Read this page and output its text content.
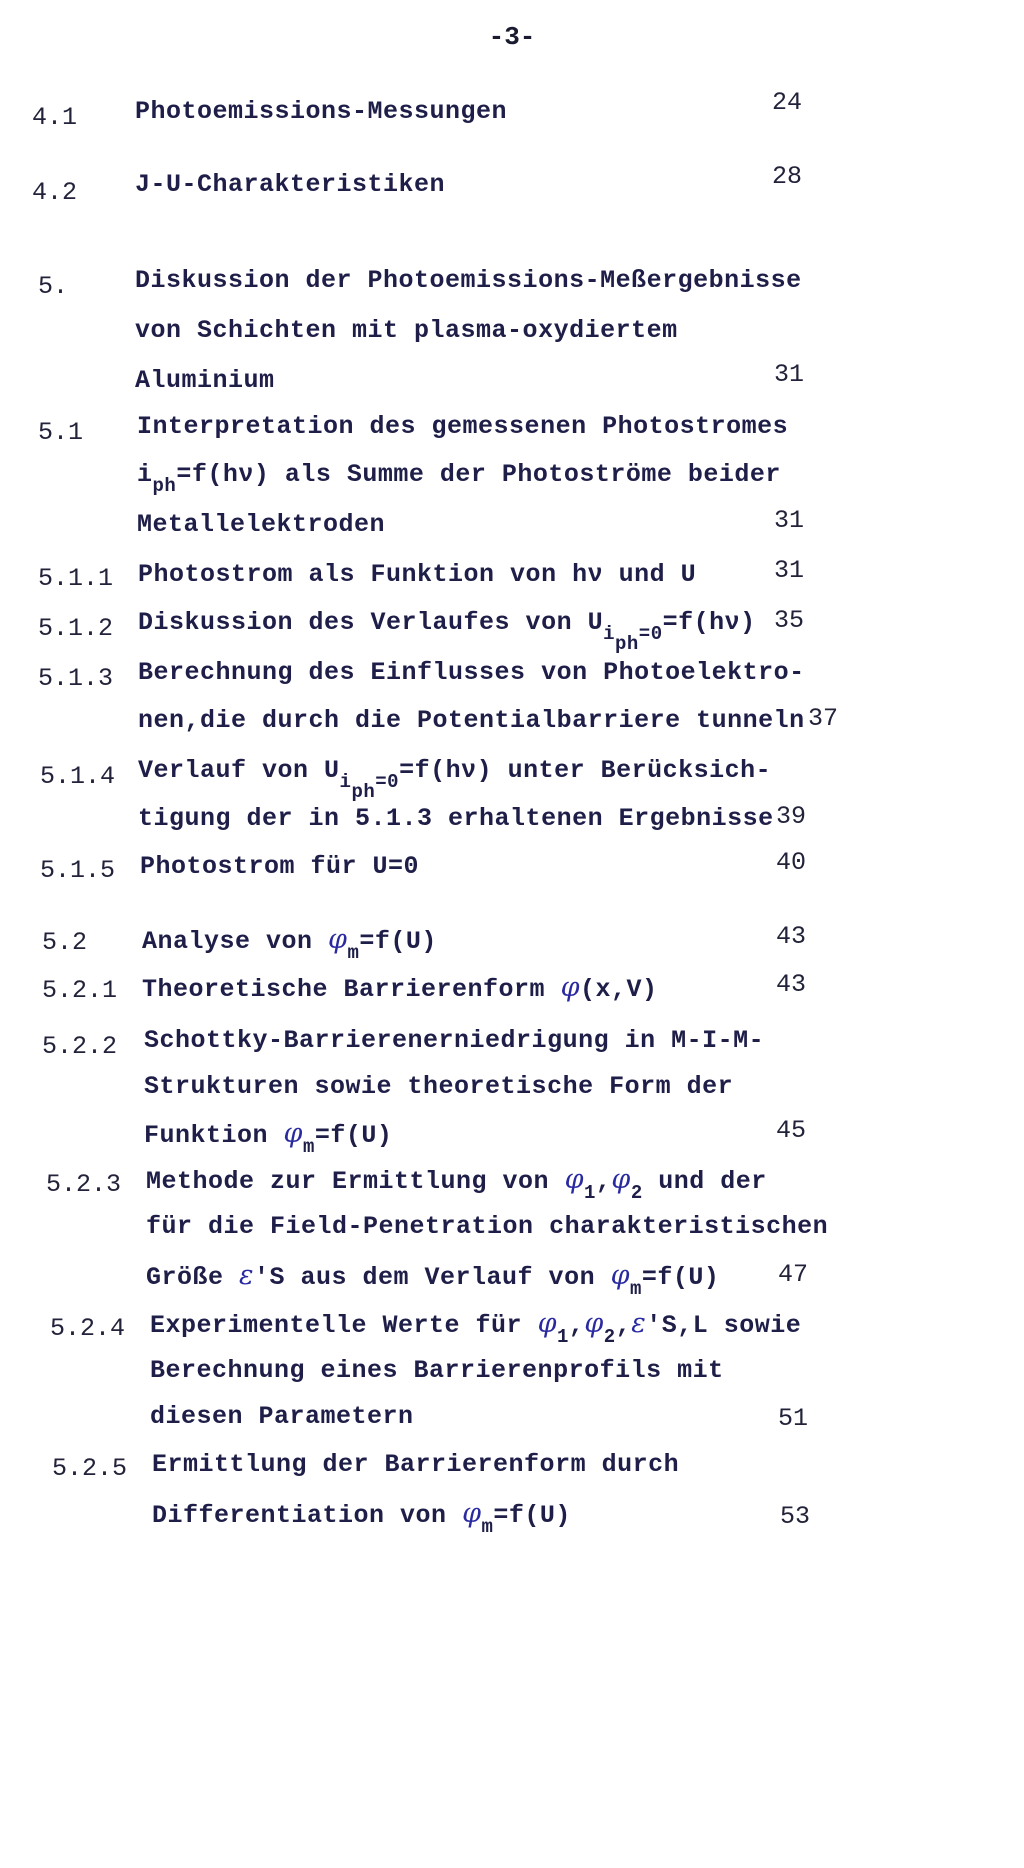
-3-
4.1 Photoemissions-Messungen	24
4.2 J-U-Charakteristiken	28
5.	Diskussion der Photoemissions-Meßergebnisse
von Schichten mit plasma-oxydiertem
Aluminium	31
5.1 Interpretation des gemessenen Photostromes
$i_{ph}=f(h\nu)$ als Summe der Photoströme beider
Metallelektroden	31
5.1.1 Photostrom als Funktion von hν und U	31
5.1.2 Diskussion des Verlaufes von $U_{i_{ph}=0}=f(h\nu)$ 35
5.1.3 Berechnung des Einflusses von Photoelektro-
nen,die durch die Potentialbarriere tunneln 37
5.1.4 Verlauf von $U_{i_{ph}=0}=f(h\nu)$ unter Berücksich-
tigung der in 5.1.3 erhaltenen Ergebnisse 39
5.1.5 Photostrom für U=0	40
5.2 Analyse von $\varphi_m=f(U)$	43
5.2.1 Theoretische Barrierenform φ(x,V)	43
5.2.2 Schottky-Barrierenerniedrigung in M-I-M-
Strukturen sowie theoretische Form der
Funktion $\varphi_m=f(U)$	45
5.2.3 Methode zur Ermittlung von $\varphi_1,\varphi_2$ und der
für die Field-Penetration charakteristischen
Größe ε'S aus dem Verlauf von $\varphi_m=f(U)$ 47
5.2.4 Experimentelle Werte für $\varphi_1,\varphi_2,\varepsilon'S,L$ sowie
Berechnung eines Barrierenprofils mit
diesen Parametern	51
5.2.5 Ermittlung der Barrierenform durch
Differentiation von $\varphi_m=f(U)$	53
